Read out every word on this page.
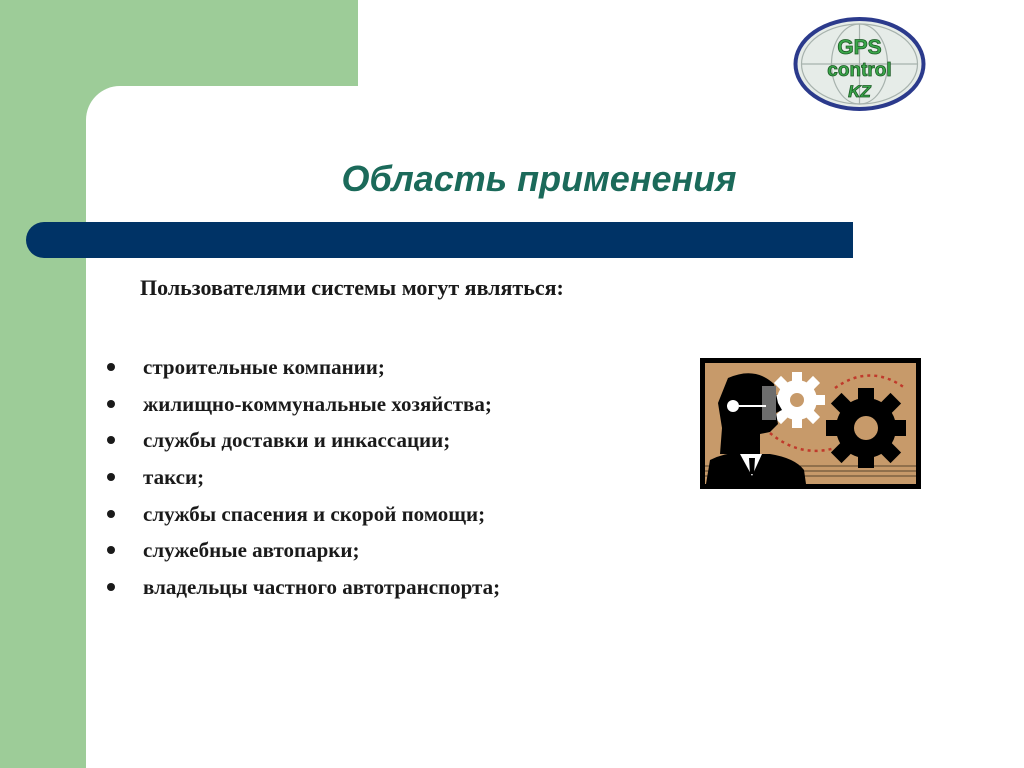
GPS
control
KZ
Область применения
Пользователями системы могут являться:
строительные компании;
жилищно-коммунальные хозяйства;
службы доставки и инкассации;
такси;
службы спасения и скорой помощи;
служебные автопарки;
владельцы частного автотранспорта;
